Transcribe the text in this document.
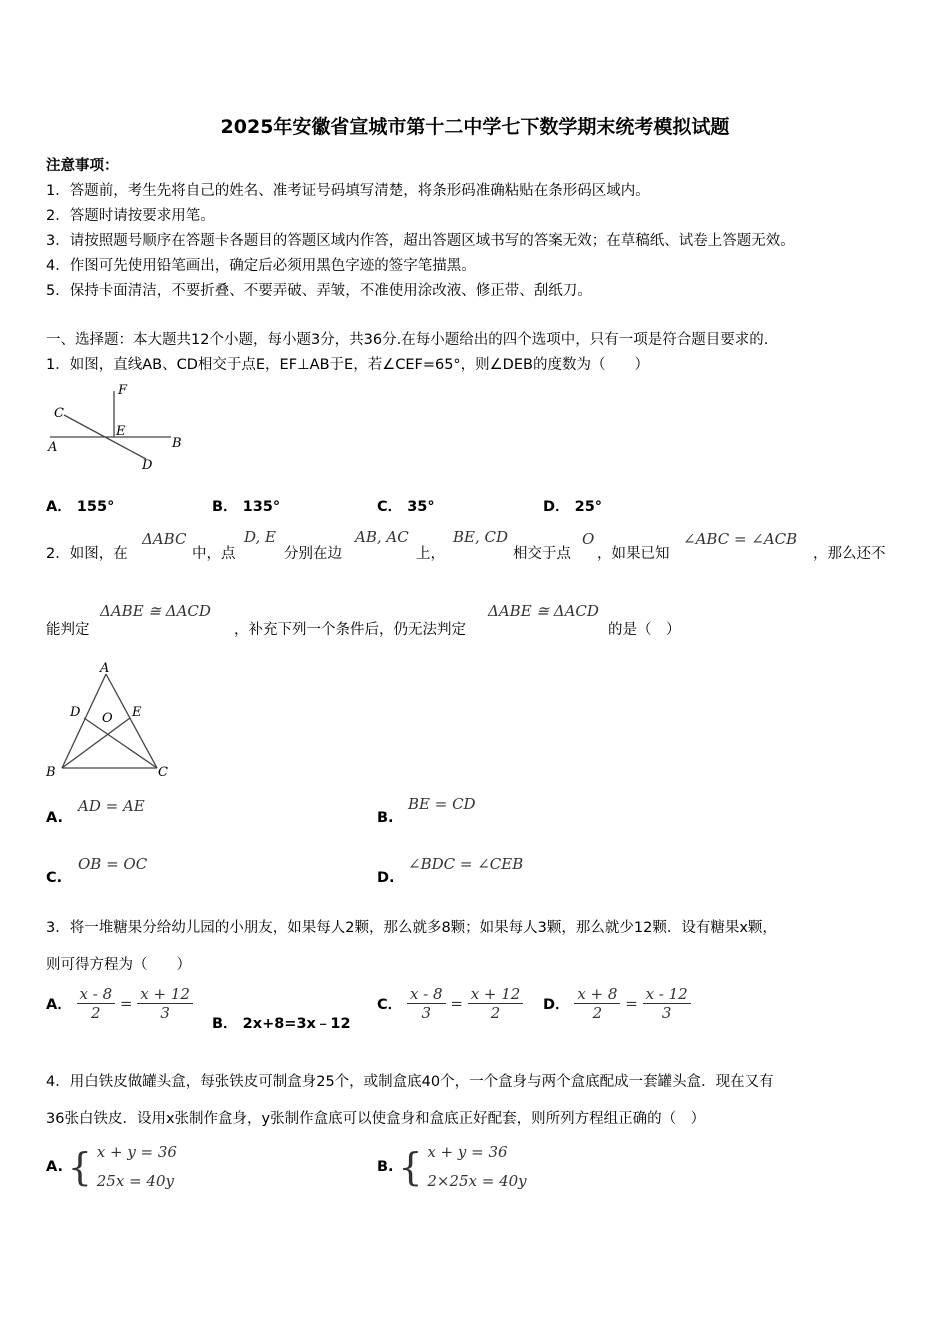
2025年安徽省宣城市第十二中学七下数学期末统考模拟试题
注意事项：
1．答题前，考生先将自己的姓名、准考证号码填写清楚，将条形码准确粘贴在条形码区域内。
2．答题时请按要求用笔。
3．请按照题号顺序在答题卡各题目的答题区域内作答，超出答题区域书写的答案无效；在草稿纸、试卷上答题无效。
4．作图可先使用铅笔画出，确定后必须用黑色字迹的签字笔描黑。
5．保持卡面清洁，不要折叠、不要弄破、弄皱，不准使用涂改液、修正带、刮纸刀。
一、选择题：本大题共12个小题，每小题3分，共36分.在每小题给出的四个选项中，只有一项是符合题目要求的.
1．如图，直线AB、CD相交于点E，EF⊥AB于E，若∠CEF=65°，则∠DEB的度数为（　　）
F
C
E
A	B
D
A． 155°	B． 135°	C． 35°	D． 25°
2．如图，在
ΔABC
中，点
D, E
分别在边
AB, AC
上，
BE, CD
相交于点
O
，如果已知
∠ABC = ∠ACB
，那么还不
能判定
ΔABE ≅ ΔACD
，补充下列一个条件后，仍无法判定
ΔABE ≅ ΔACD
的是（　）
A
D O E
B	C
A.
AD = AE
B.
BE = CD
C.
OB = OC
D.
∠BDC = ∠CEB
3．将一堆糖果分给幼儿园的小朋友，如果每人2颗，那么就多8颗；如果每人3颗，那么就少12颗．设有糖果x颗，
则可得方程为（　　）
A． $\frac{x - 8}{2} = \frac{x + 12}{3}$
B． 2x+8=3x﹣12
C． $\frac{x - 8}{3} = \frac{x + 12}{2}$ D． $\frac{x + 8}{2} = \frac{x - 12}{3}$
4．用白铁皮做罐头盒，每张铁皮可制盒身25个，或制盒底40个，一个盒身与两个盒底配成一套罐头盒．现在又有
36张白铁皮．设用x张制作盒身，y张制作盒底可以使盒身和盒底正好配套，则所列方程组正确的（　）
A. { x + y = 36
25x = 40y
B. { x + y = 36
2×25x = 40y
